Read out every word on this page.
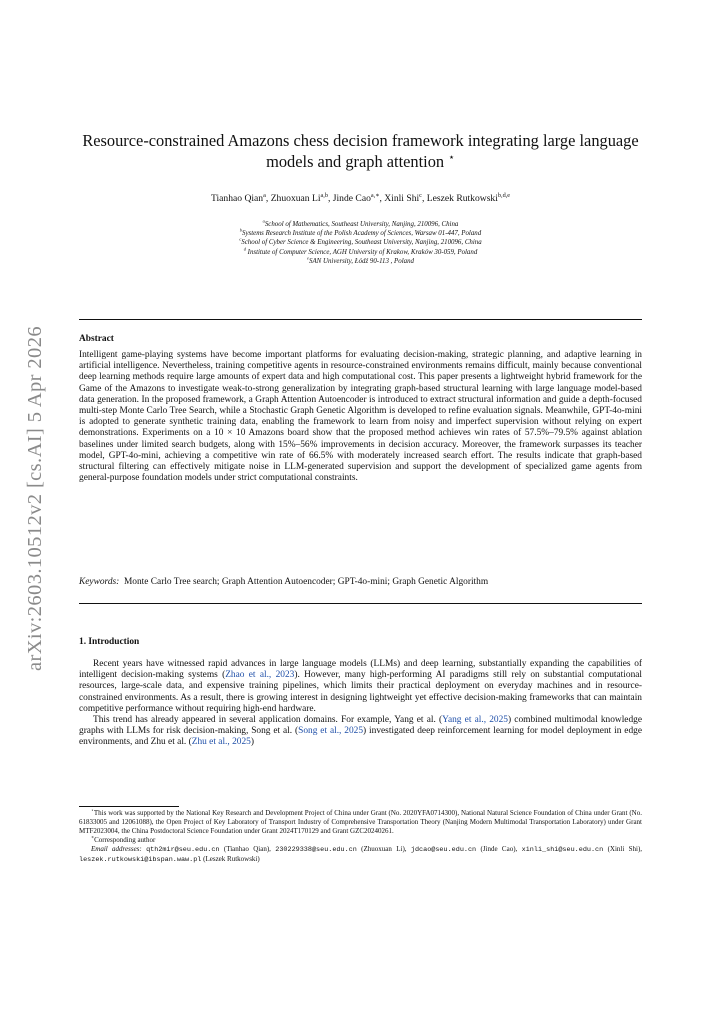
arXiv:2603.10512v2 [cs.AI] 5 Apr 2026
Resource-constrained Amazons chess decision framework integrating large language models and graph attention ⋆
Tianhao Qian$^a$, Zhuoxuan Li$^{a,b}$, Jinde Cao$^{a,∗}$, Xinli Shi$^c$, Leszek Rutkowski$^{b,d,e}$
$^a$School of Mathematics, Southeast University, Nanjing, 210096, China
$^b$Systems Research Institute of the Polish Academy of Sciences, Warsaw 01-447, Poland
$^c$School of Cyber Science & Engineering, Southeast University, Nanjing, 210096, China
$^d$ Institute of Computer Science, AGH University of Krakow, Kraków 30-059, Poland
$^e$SAN University, Łódź 90-113 , Poland
Abstract
Intelligent game-playing systems have become important platforms for evaluating decision-making, strategic planning, and adaptive learning in artificial intelligence. Nevertheless, training competitive agents in resource-constrained environments remains difficult, mainly because conventional deep learning methods require large amounts of expert data and high computational cost. This paper presents a lightweight hybrid framework for the Game of the Amazons to investigate weak-to-strong generalization by integrating graph-based structural learning with large language model-based data generation. In the proposed framework, a Graph Attention Autoencoder is introduced to extract structural information and guide a depth-focused multi-step Monte Carlo Tree Search, while a Stochastic Graph Genetic Algorithm is developed to refine evaluation signals. Meanwhile, GPT-4o-mini is adopted to generate synthetic training data, enabling the framework to learn from noisy and imperfect supervision without relying on expert demonstrations. Experiments on a 10 × 10 Amazons board show that the proposed method achieves win rates of 57.5%–79.5% against ablation baselines under limited search budgets, along with 15%–56% improvements in decision accuracy. Moreover, the framework surpasses its teacher model, GPT-4o-mini, achieving a competitive win rate of 66.5% with moderately increased search effort. The results indicate that graph-based structural filtering can effectively mitigate noise in LLM-generated supervision and support the development of specialized game agents from general-purpose foundation models under strict computational constraints.
Keywords: Monte Carlo Tree search; Graph Attention Autoencoder; GPT-4o-mini; Graph Genetic Algorithm
1. Introduction

Recent years have witnessed rapid advances in large language models (LLMs) and deep learning, substantially expanding the capabilities of intelligent decision-making systems (Zhao et al., 2023). However, many high-performing AI paradigms still rely on substantial computational resources, large-scale data, and expensive training pipelines, which limits their practical deployment on everyday machines and in resource-constrained environments. As a result, there is growing interest in designing lightweight yet effective decision-making frameworks that can maintain competitive performance without requiring high-end hardware.

This trend has already appeared in several application domains. For example, Yang et al. (Yang et al., 2025) combined multimodal knowledge graphs with LLMs for risk decision-making, Song et al. (Song et al., 2025) investigated deep reinforcement learning for model deployment in edge environments, and Zhu et al. (Zhu et al., 2025)

⋆This work was supported by the National Key Research and Development Project of China under Grant (No. 2020YFA0714300), National Natural Science Foundation of China under Grant (No. 61833005 and 12061088), the Open Project of Key Laboratory of Transport Industry of Comprehensive Transportation Theory (Nanjing Modern Multimodal Transportation Laboratory) under Grant MTF2023004, the China Postdoctoral Science Foundation under Grant 2024T170129 and Grant GZC20240261.

∗Corresponding author

Email addresses: qth2mir@seu.edu.cn (Tianhao Qian), 230229338@seu.edu.cn (Zhuoxuan Li), jdcao@seu.edu.cn (Jinde Cao), xinli_shi@seu.edu.cn (Xinli Shi), leszek.rutkowski@ibspan.waw.pl (Leszek Rutkowski)
